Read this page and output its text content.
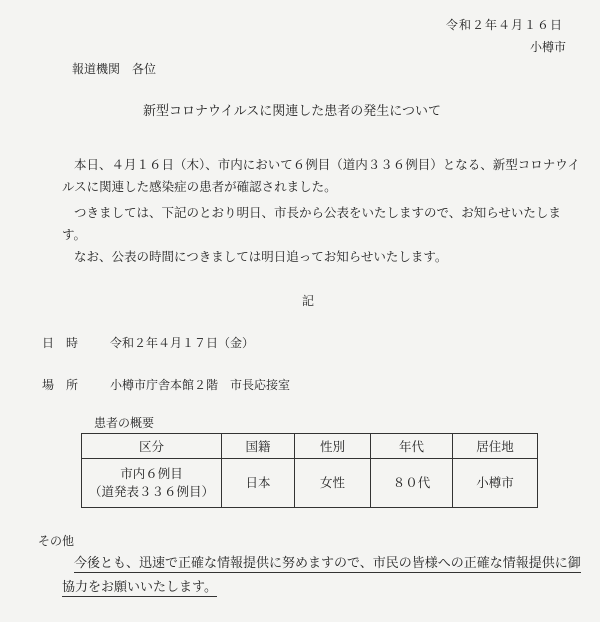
令和２年４月１６日
小樽市
報道機関　各位
新型コロナウイルスに関連した患者の発生について
本日、４月１６日（木）、市内において６例目（道内３３６例目）となる、新型コロナウイルスに関連した感染症の患者が確認されました。
つきましては、下記のとおり明日、市長から公表をいたしますので、お知らせいたします。
なお、公表の時間につきましては明日追ってお知らせいたします。
記
日　時	令和２年４月１７日（金）
場　所	小樽市庁舎本館２階　市長応接室
患者の概要
区分	国籍	性別	年代	居住地

市内６例目
（道発表３３６例目）	日本	女性	８０代	小樽市
その他
今後とも、迅速で正確な情報提供に努めますので、市民の皆様への正確な情報提供に御協力をお願いいたします。
